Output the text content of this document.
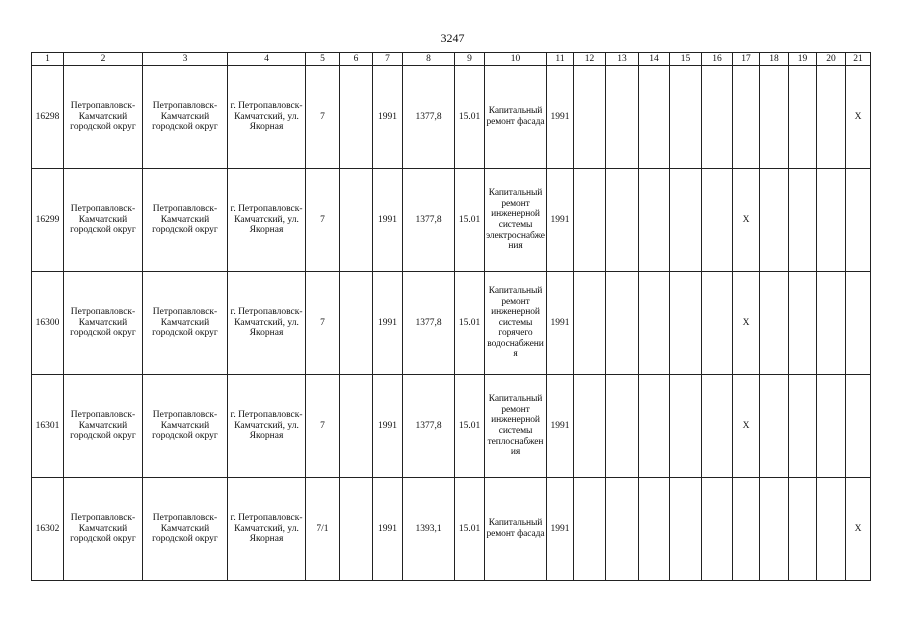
3247
1	2	3	4	5	6	7	8	9	10	11	12	13	14	15	16	17	18	19	20	21
16298	Петропавловск-Камчатский городской округ	Петропавловск-Камчатский городской округ	г. Петропавловск-Камчатский, ул. Якорная	7		1991	1377,8	15.01	Капитальный ремонт фасада	1991										X
16299	Петропавловск-Камчатский городской округ	Петропавловск-Камчатский городской округ	г. Петропавловск-Камчатский, ул. Якорная	7		1991	1377,8	15.01	Капитальный ремонт инженерной системы электроснабжения	1991						X				
16300	Петропавловск-Камчатский городской округ	Петропавловск-Камчатский городской округ	г. Петропавловск-Камчатский, ул. Якорная	7		1991	1377,8	15.01	Капитальный ремонт инженерной системы горячего водоснабжения	1991						X				
16301	Петропавловск-Камчатский городской округ	Петропавловск-Камчатский городской округ	г. Петропавловск-Камчатский, ул. Якорная	7		1991	1377,8	15.01	Капитальный ремонт инженерной системы теплоснабжения	1991						X				
16302	Петропавловск-Камчатский городской округ	Петропавловск-Камчатский городской округ	г. Петропавловск-Камчатский, ул. Якорная	7/1		1991	1393,1	15.01	Капитальный ремонт фасада	1991										X
